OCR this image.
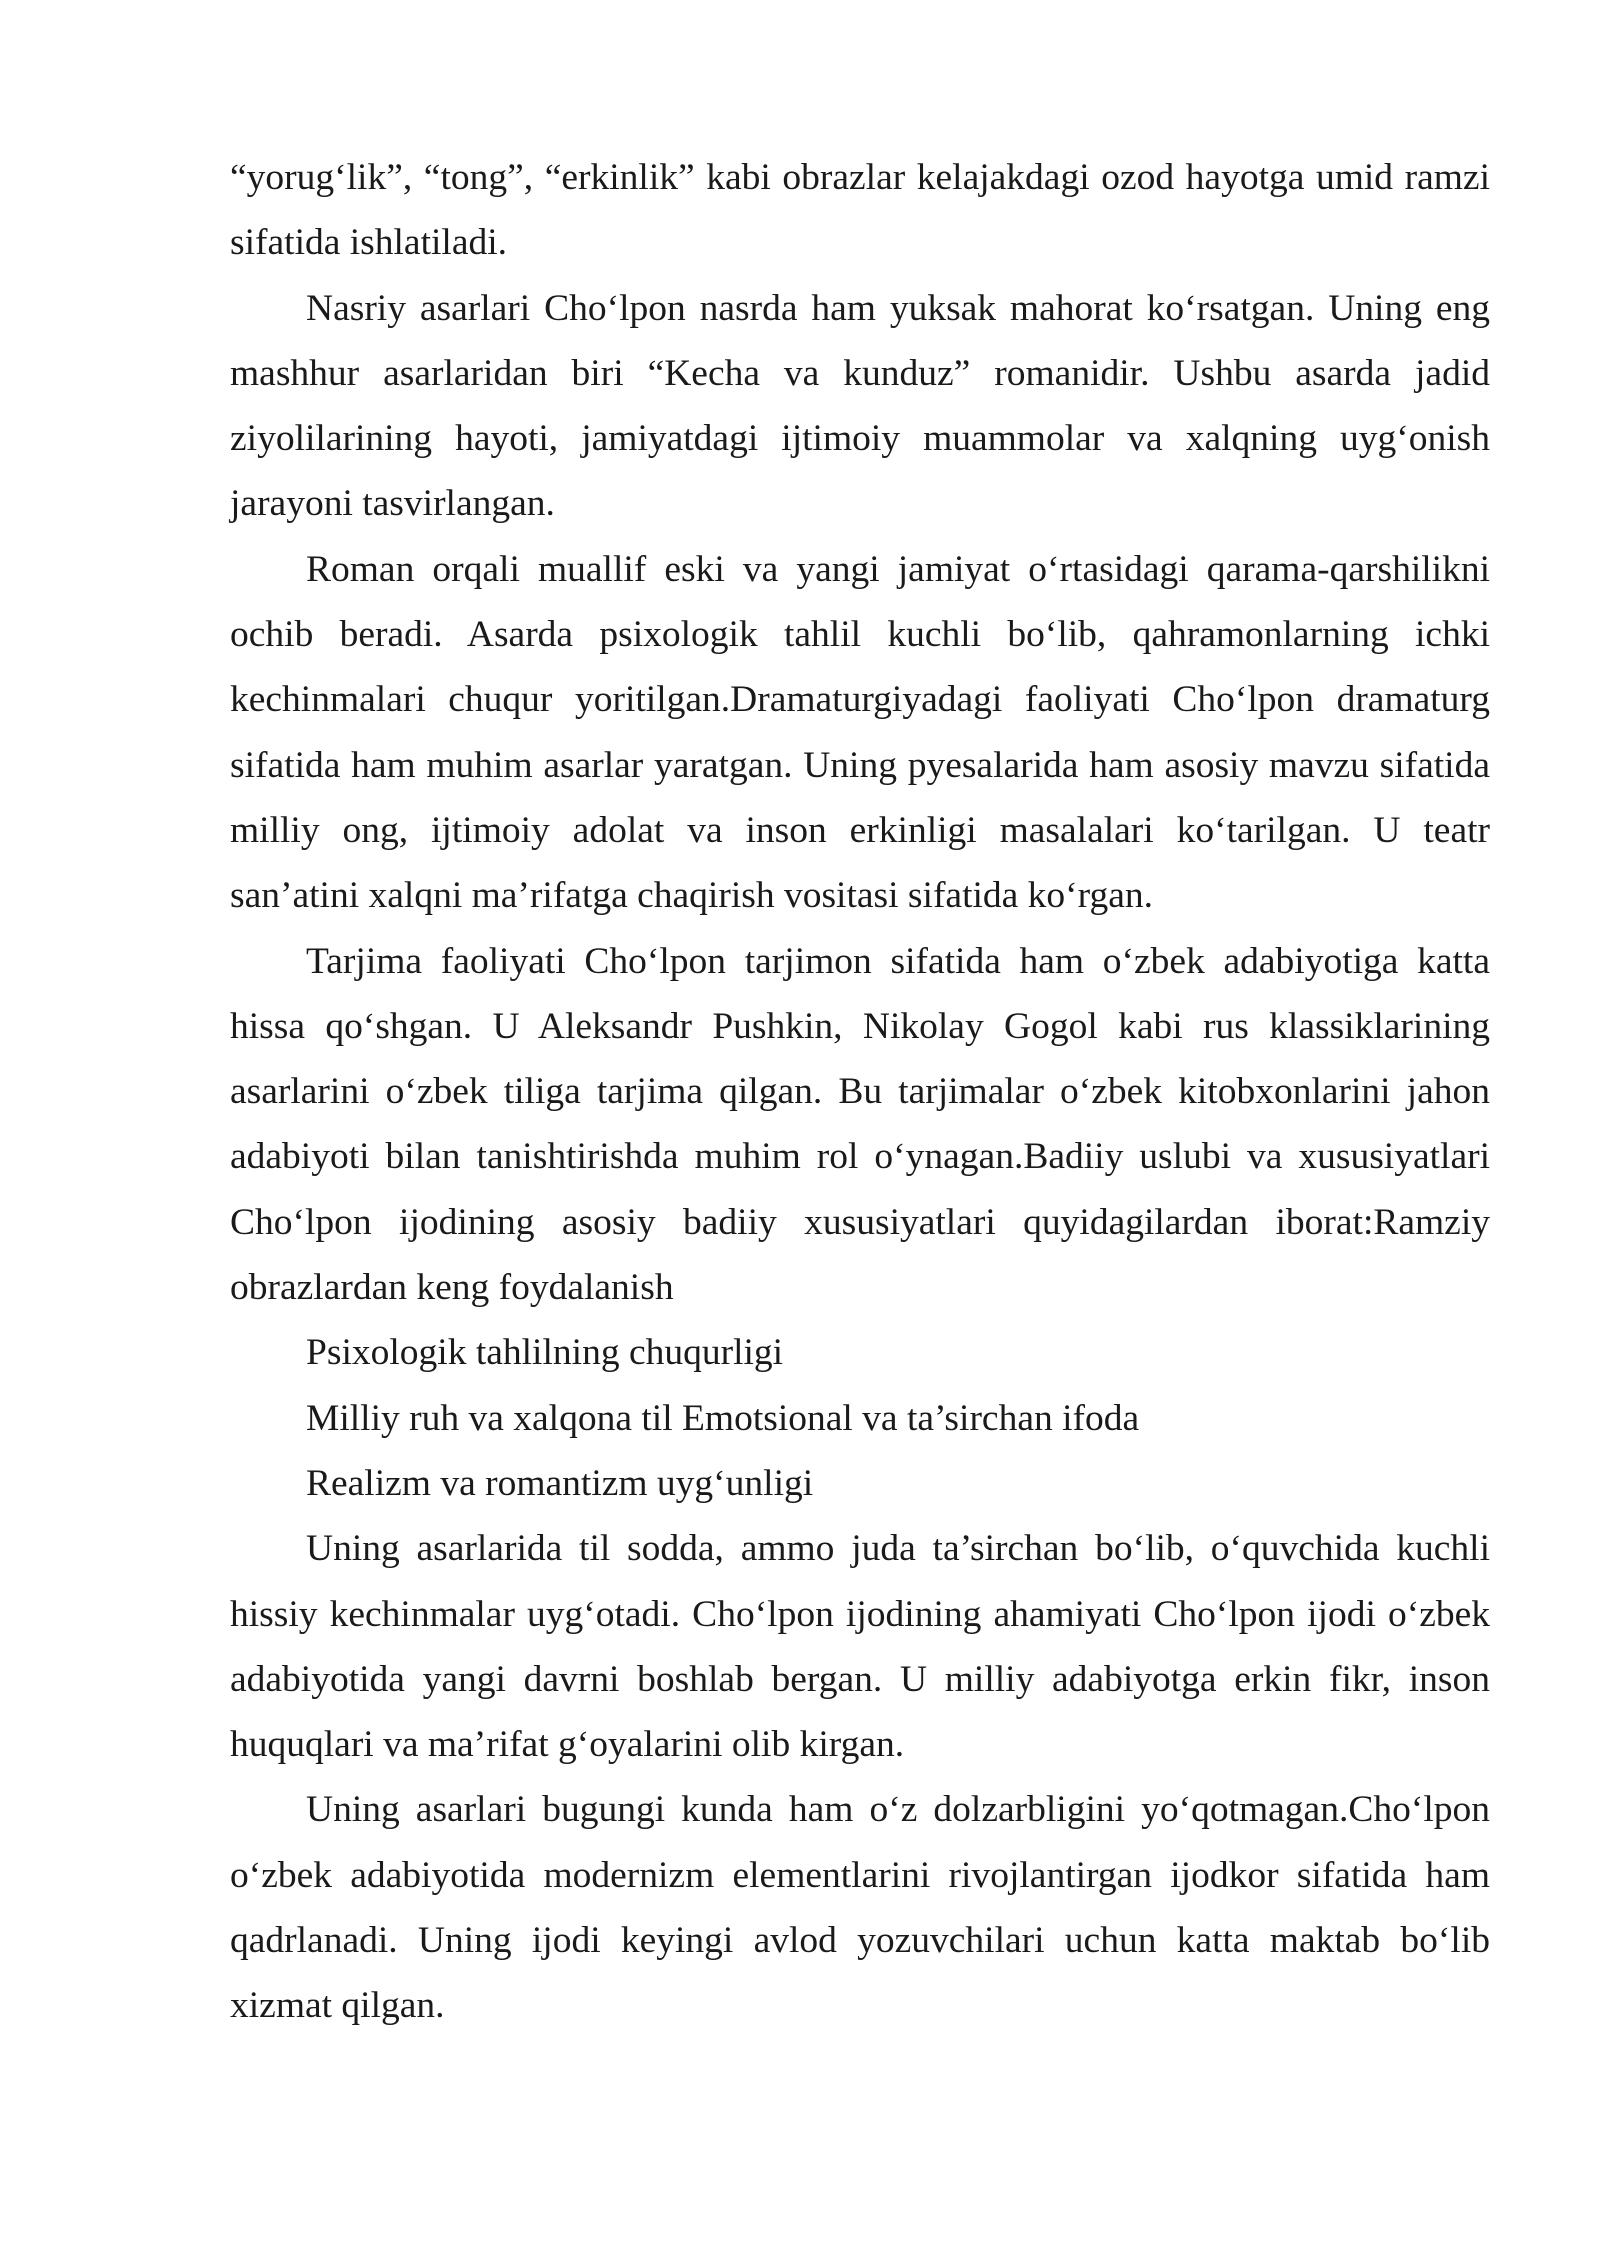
“yorug‘lik”, “tong”, “erkinlik” kabi obrazlar kelajakdagi ozod hayotga umid ramzi sifatida ishlatiladi.

Nasriy asarlari Cho‘lpon nasrda ham yuksak mahorat ko‘rsatgan. Uning eng mashhur asarlaridan biri “Kecha va kunduz” romanidir. Ushbu asarda jadid ziyolilarining hayoti, jamiyatdagi ijtimoiy muammolar va xalqning uyg‘onish jarayoni tasvirlangan.

Roman orqali muallif eski va yangi jamiyat o‘rtasidagi qarama-qarshilikni ochib beradi. Asarda psixologik tahlil kuchli bo‘lib, qahramonlarning ichki kechinmalari chuqur yoritilgan.Dramaturgiyadagi faoliyati Cho‘lpon dramaturg sifatida ham muhim asarlar yaratgan. Uning pyesalarida ham asosiy mavzu sifatida milliy ong, ijtimoiy adolat va inson erkinligi masalalari ko‘tarilgan. U teatr san’atini xalqni ma’rifatga chaqirish vositasi sifatida ko‘rgan.

Tarjima faoliyati Cho‘lpon tarjimon sifatida ham o‘zbek adabiyotiga katta hissa qo‘shgan. U Aleksandr Pushkin, Nikolay Gogol kabi rus klassiklarining asarlarini o‘zbek tiliga tarjima qilgan. Bu tarjimalar o‘zbek kitobxonlarini jahon adabiyoti bilan tanishtirishda muhim rol o‘ynagan.Badiiy uslubi va xususiyatlari Cho‘lpon ijodining asosiy badiiy xususiyatlari quyidagilardan iborat:Ramziy obrazlardan keng foydalanish

Psixologik tahlilning chuqurligi

Milliy ruh va xalqona til Emotsional va ta’sirchan ifoda

Realizm va romantizm uyg‘unligi

Uning asarlarida til sodda, ammo juda ta’sirchan bo‘lib, o‘quvchida kuchli hissiy kechinmalar uyg‘otadi. Cho‘lpon ijodining ahamiyati Cho‘lpon ijodi o‘zbek adabiyotida yangi davrni boshlab bergan. U milliy adabiyotga erkin fikr, inson huquqlari va ma’rifat g‘oyalarini olib kirgan.

Uning asarlari bugungi kunda ham o‘z dolzarbligini yo‘qotmagan.Cho‘lpon o‘zbek adabiyotida modernizm elementlarini rivojlantirgan ijodkor sifatida ham qadrlanadi. Uning ijodi keyingi avlod yozuvchilari uchun katta maktab bo‘lib xizmat qilgan.
